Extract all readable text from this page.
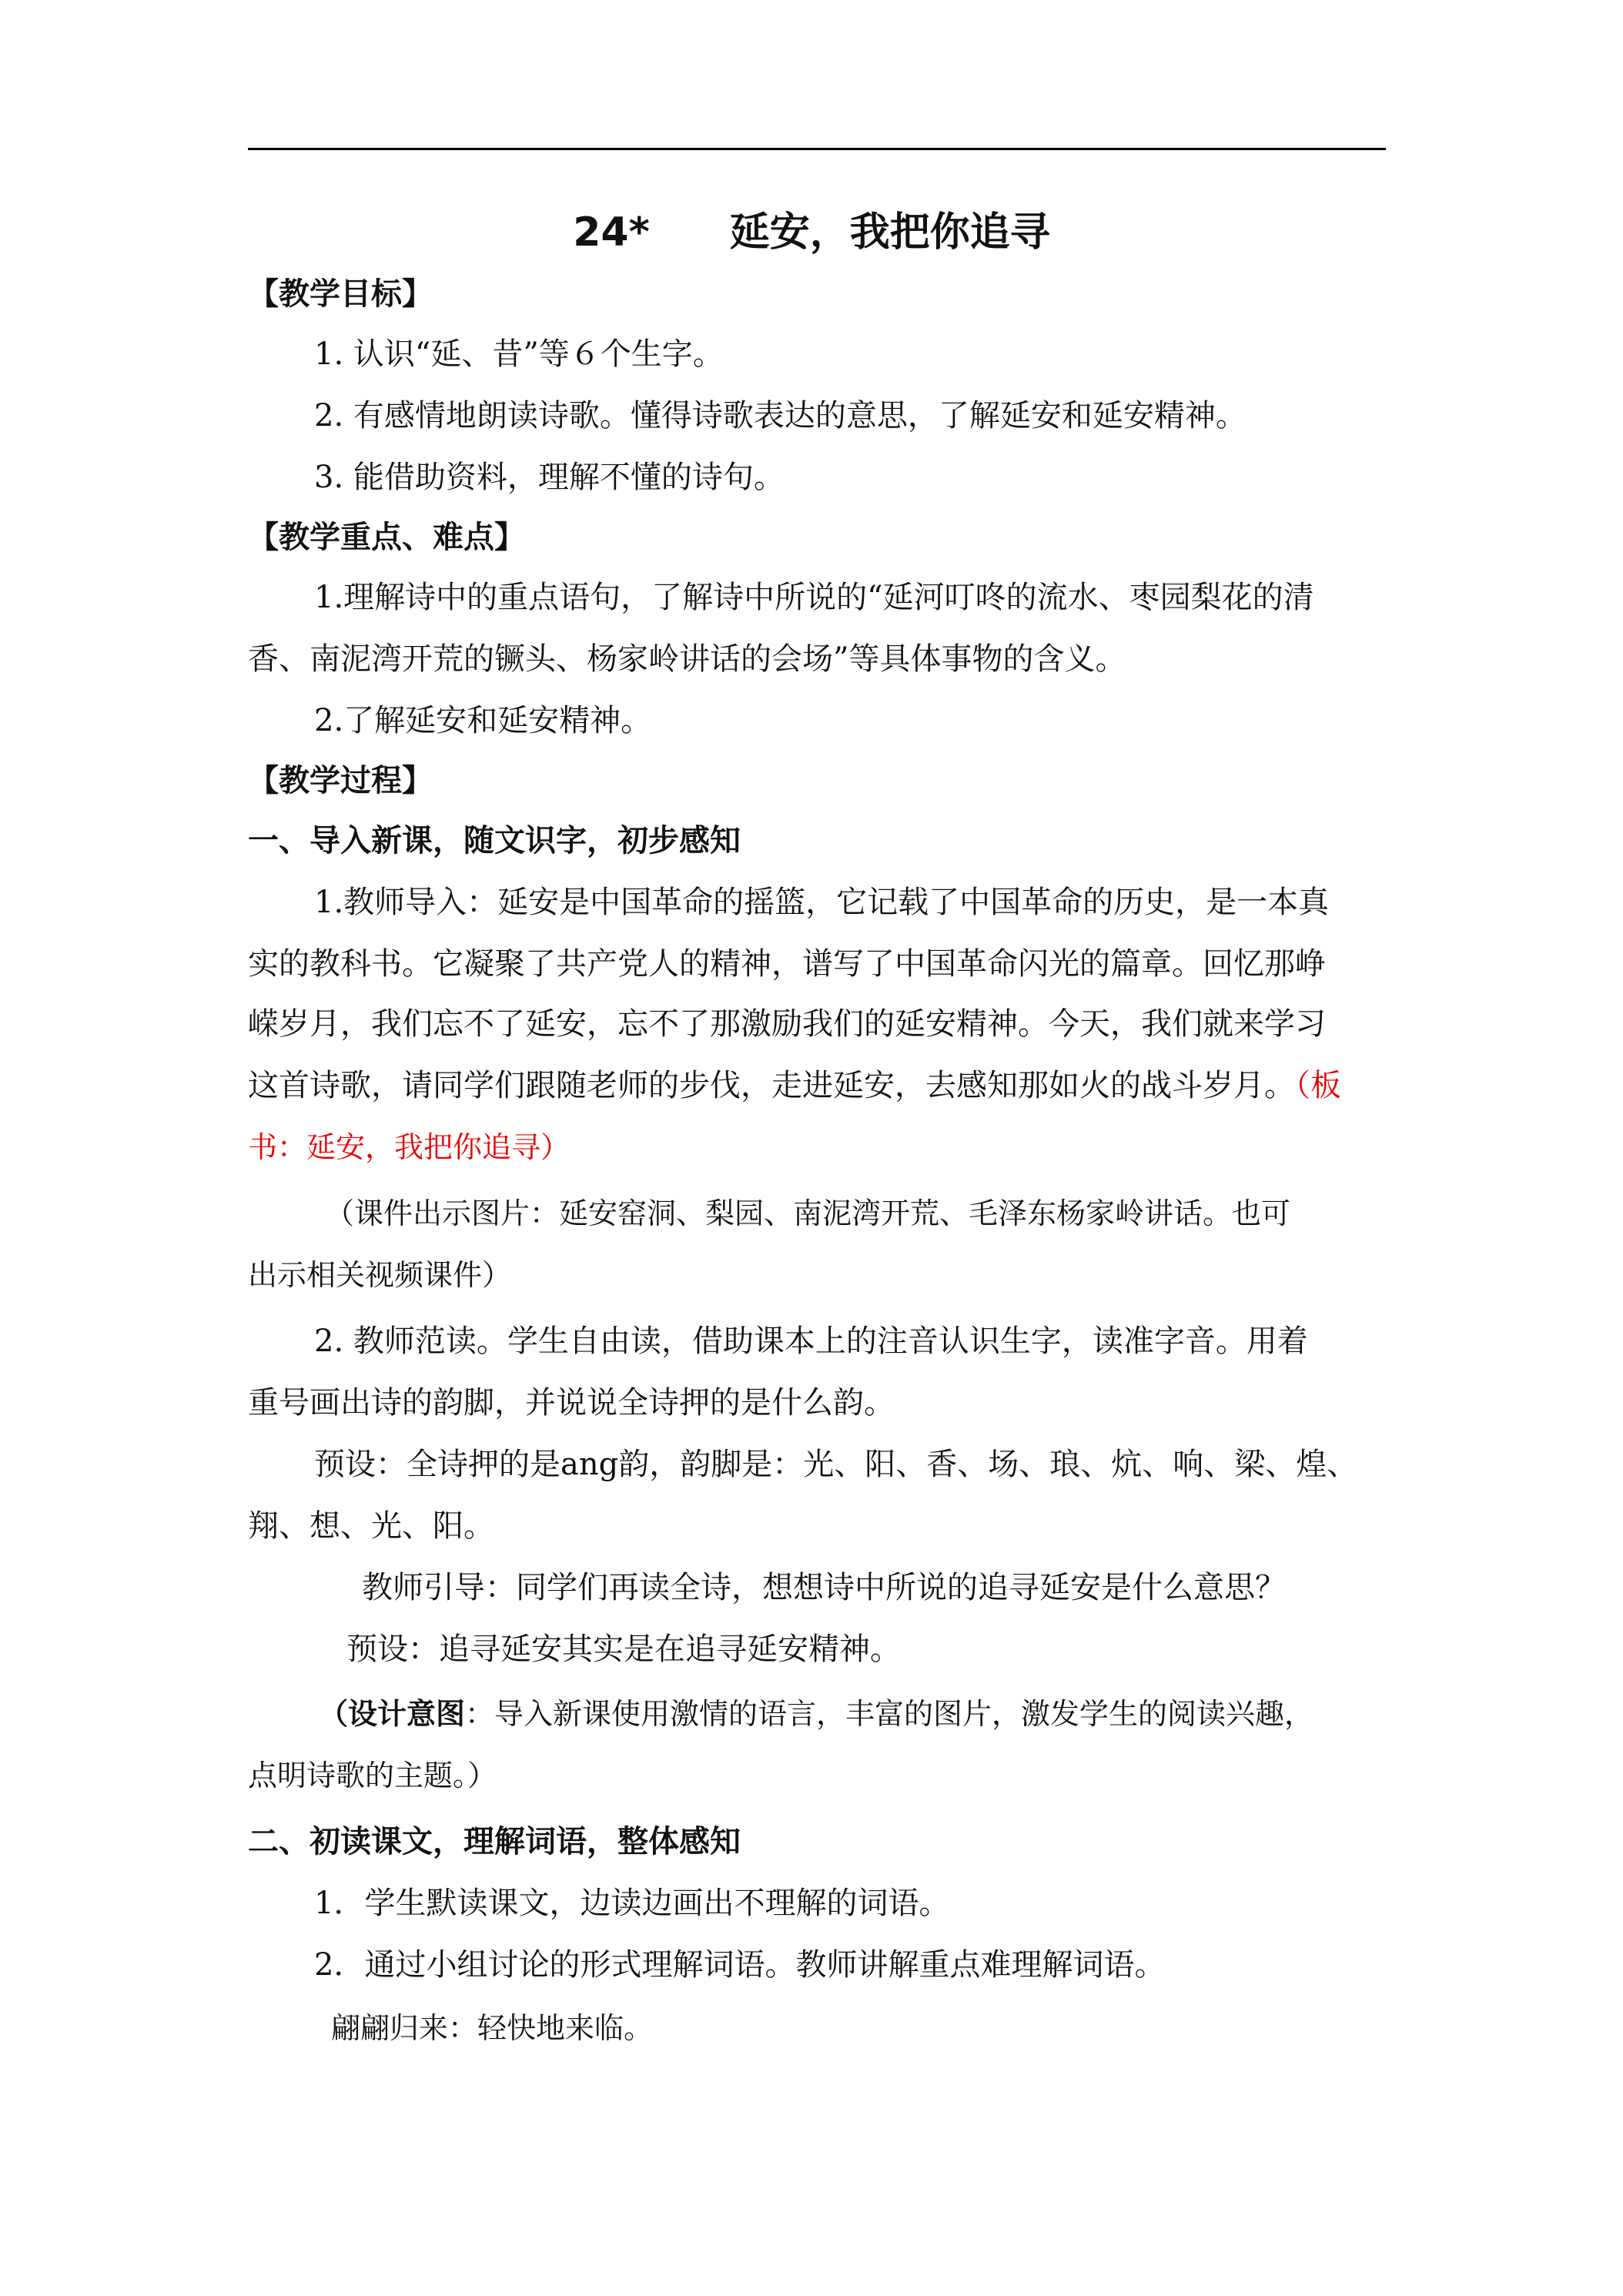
24*　　延安，我把你追寻
【教学目标】
1. 认识“延、昔”等６个生字。
2. 有感情地朗读诗歌。懂得诗歌表达的意思，了解延安和延安精神。
3. 能借助资料，理解不懂的诗句。
【教学重点、难点】
1.理解诗中的重点语句，了解诗中所说的“延河叮咚的流水、枣园梨花的清
香、南泥湾开荒的镢头、杨家岭讲话的会场”等具体事物的含义。
2.了解延安和延安精神。
【教学过程】
一、导入新课，随文识字，初步感知
1.教师导入：延安是中国革命的摇篮，它记载了中国革命的历史，是一本真
实的教科书。它凝聚了共产党人的精神，谱写了中国革命闪光的篇章。回忆那峥
嵘岁月，我们忘不了延安，忘不了那激励我们的延安精神。今天，我们就来学习
这首诗歌，请同学们跟随老师的步伐，走进延安，去感知那如火的战斗岁月。（板
书：延安，我把你追寻）
（课件出示图片：延安窑洞、梨园、南泥湾开荒、毛泽东杨家岭讲话。也可
出示相关视频课件）
2. 教师范读。学生自由读，借助课本上的注音认识生字，读准字音。用着
重号画出诗的韵脚，并说说全诗押的是什么韵。
预设：全诗押的是ang韵，韵脚是：光、阳、香、场、琅、炕、响、梁、煌、
翔、想、光、阳。
教师引导：同学们再读全诗，想想诗中所说的追寻延安是什么意思？
预设：追寻延安其实是在追寻延安精神。
（设计意图：导入新课使用激情的语言，丰富的图片，激发学生的阅读兴趣，
点明诗歌的主题。）
二、初读课文，理解词语，整体感知
1．学生默读课文，边读边画出不理解的词语。
2．通过小组讨论的形式理解词语。教师讲解重点难理解词语。
翩翩归来：轻快地来临。
